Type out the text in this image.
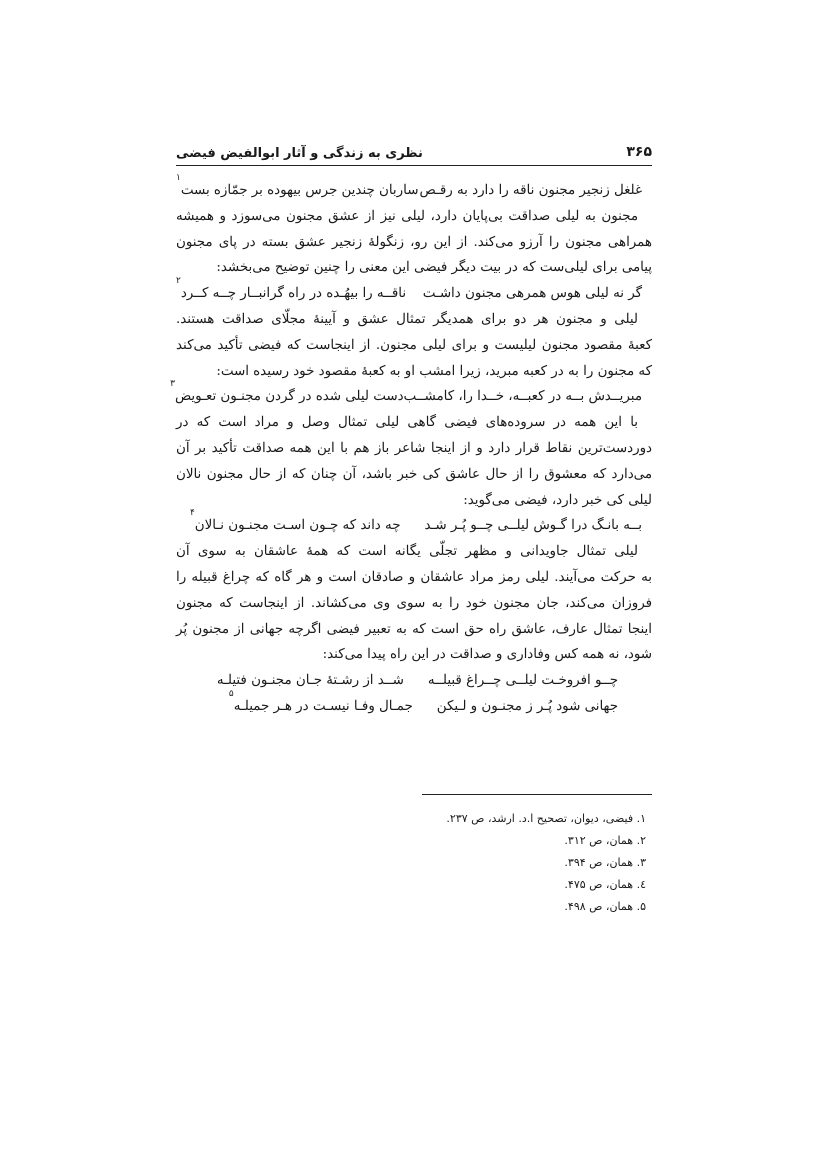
۳۶۵
نظری به زندگی و آثار ابوالفیض فیضی
غلغل زنجیر مجنون ناقه را دارد به رقـص
ساربان چندین جرس بیهوده بر جمّازه بست
۱
مجنون به لیلی صداقت بی‌پایان دارد، لیلی نیز از عشق مجنون می‌سوزد و همیشه
همراهی مجنون را آرزو می‌کند. از این رو، زنگولهٔ زنجیر عشق بسته در پای مجنون
پیامی برای لیلی‌ست که در بیت دیگر فیضی این معنی را چنین توضیح می‌بخشد:
گر نه لیلی هوس همرهی مجنون داشـت
ناقــه را بیهُـده در راه گرانبــار چــه کــرد
۲
لیلی و مجنون هر دو برای همدیگر تمثال عشق و آیینهٔ مجلّای صداقت هستند.
کعبهٔ مقصود مجنون لیلیست و برای لیلی مجنون. از اینجاست که فیضی تأکید می‌کند
که مجنون را به در کعبه مبرید، زیرا امشب او به کعبهٔ مقصود خود رسیده است:
مبریــدش بــه در کعبــه، خــدا را، کامشــب
دست لیلی شده در گردن مجنـون تعـویض
۳
با این همه در سروده‌های فیضی گاهی لیلی تمثال وصل و مراد است که در
دوردست‌ترین نقاط قرار دارد و از اینجا شاعر باز هم با این همه صداقت تأکید بر آن
می‌دارد که معشوق را از حال عاشق کی خبر باشد، آن چنان که از حال مجنون نالان
لیلی کی خبر دارد، فیضی می‌گوید:
بــه بانـگ درا گـوش لیلــی چــو پُـر شـد
چه داند که چـون اسـت مجنـون نـالان
۴
لیلی تمثال جاویدانی و مظهر تجلّی یگانه است که همهٔ عاشقان به سوی آن
به حرکت می‌آیند. لیلی رمز مراد عاشقان و صادقان است و هر گاه که چراغ قبیله را
فروزان می‌کند، جان مجنون خود را به سوی وی می‌کشاند. از اینجاست که مجنون
اینجا تمثال عارف، عاشق راه حق است که به تعبیر فیضی اگرچه جهانی از مجنون پُر
شود، نه همه کس وفاداری و صداقت در این راه پیدا می‌کند:
چــو افروخـت لیلــی چــراغ قبیلــه
شــد از رشـتهٔ جـان مجنـون فتیلـه
جهانی شود پُـر ز مجنـون و لـیکن
جمـال وفـا نیسـت در هـر جمیلـه
۵
۱. فیضی، دیوان، تصحیح ا.د. ارشد، ص ۲۳۷.
۲. همان، ص ۳۱۲.
۳. همان، ص ۳۹۴.
٤. همان، ص ۴۷۵.
۵. همان، ص ۴۹۸.
